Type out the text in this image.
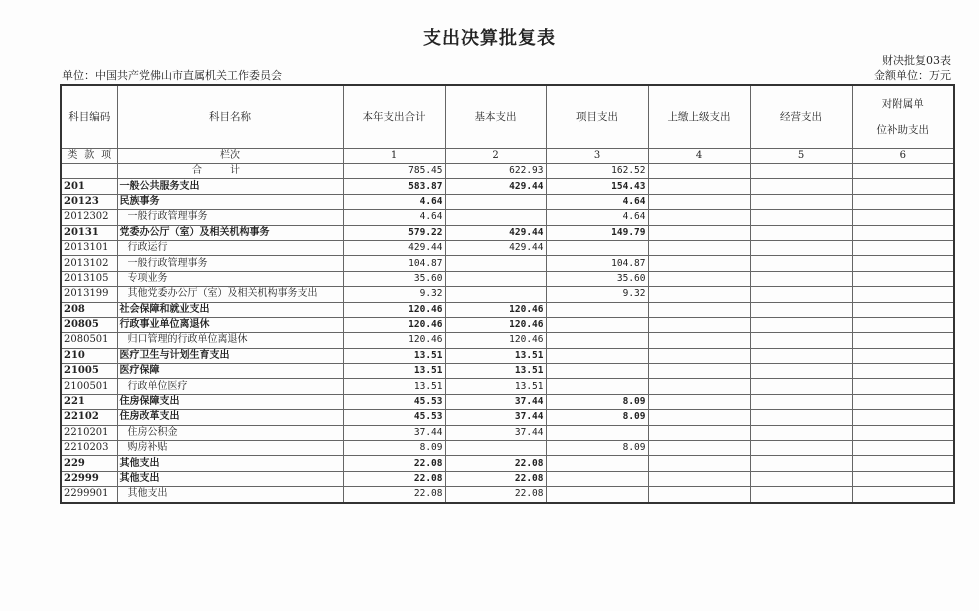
支出决算批复表
财决批复03表
单位：中国共产党佛山市直属机关工作委员会	金额单位：万元
科目编码	科目名称	本年支出合计	基本支出	项目支出	上缴上级支出	经营支出	对附属单
位补助支出

类 款 项	栏次	1	2	3	4	5	6
	合计	785.45	622.93	162.52			
201	一般公共服务支出	583.87	429.44	154.43			
20123	民族事务	4.64		4.64			
2012302	一般行政管理事务	4.64		4.64			
20131	党委办公厅（室）及相关机构事务	579.22	429.44	149.79			
2013101	行政运行	429.44	429.44				
2013102	一般行政管理事务	104.87		104.87			
2013105	专项业务	35.60		35.60			
2013199	其他党委办公厅（室）及相关机构事务支出	9.32		9.32			
208	社会保障和就业支出	120.46	120.46				
20805	行政事业单位离退休	120.46	120.46				
2080501	归口管理的行政单位离退休	120.46	120.46				
210	医疗卫生与计划生育支出	13.51	13.51				
21005	医疗保障	13.51	13.51				
2100501	行政单位医疗	13.51	13.51				
221	住房保障支出	45.53	37.44	8.09			
22102	住房改革支出	45.53	37.44	8.09			
2210201	住房公积金	37.44	37.44				
2210203	购房补贴	8.09		8.09			
229	其他支出	22.08	22.08				
22999	其他支出	22.08	22.08				
2299901	其他支出	22.08	22.08				
